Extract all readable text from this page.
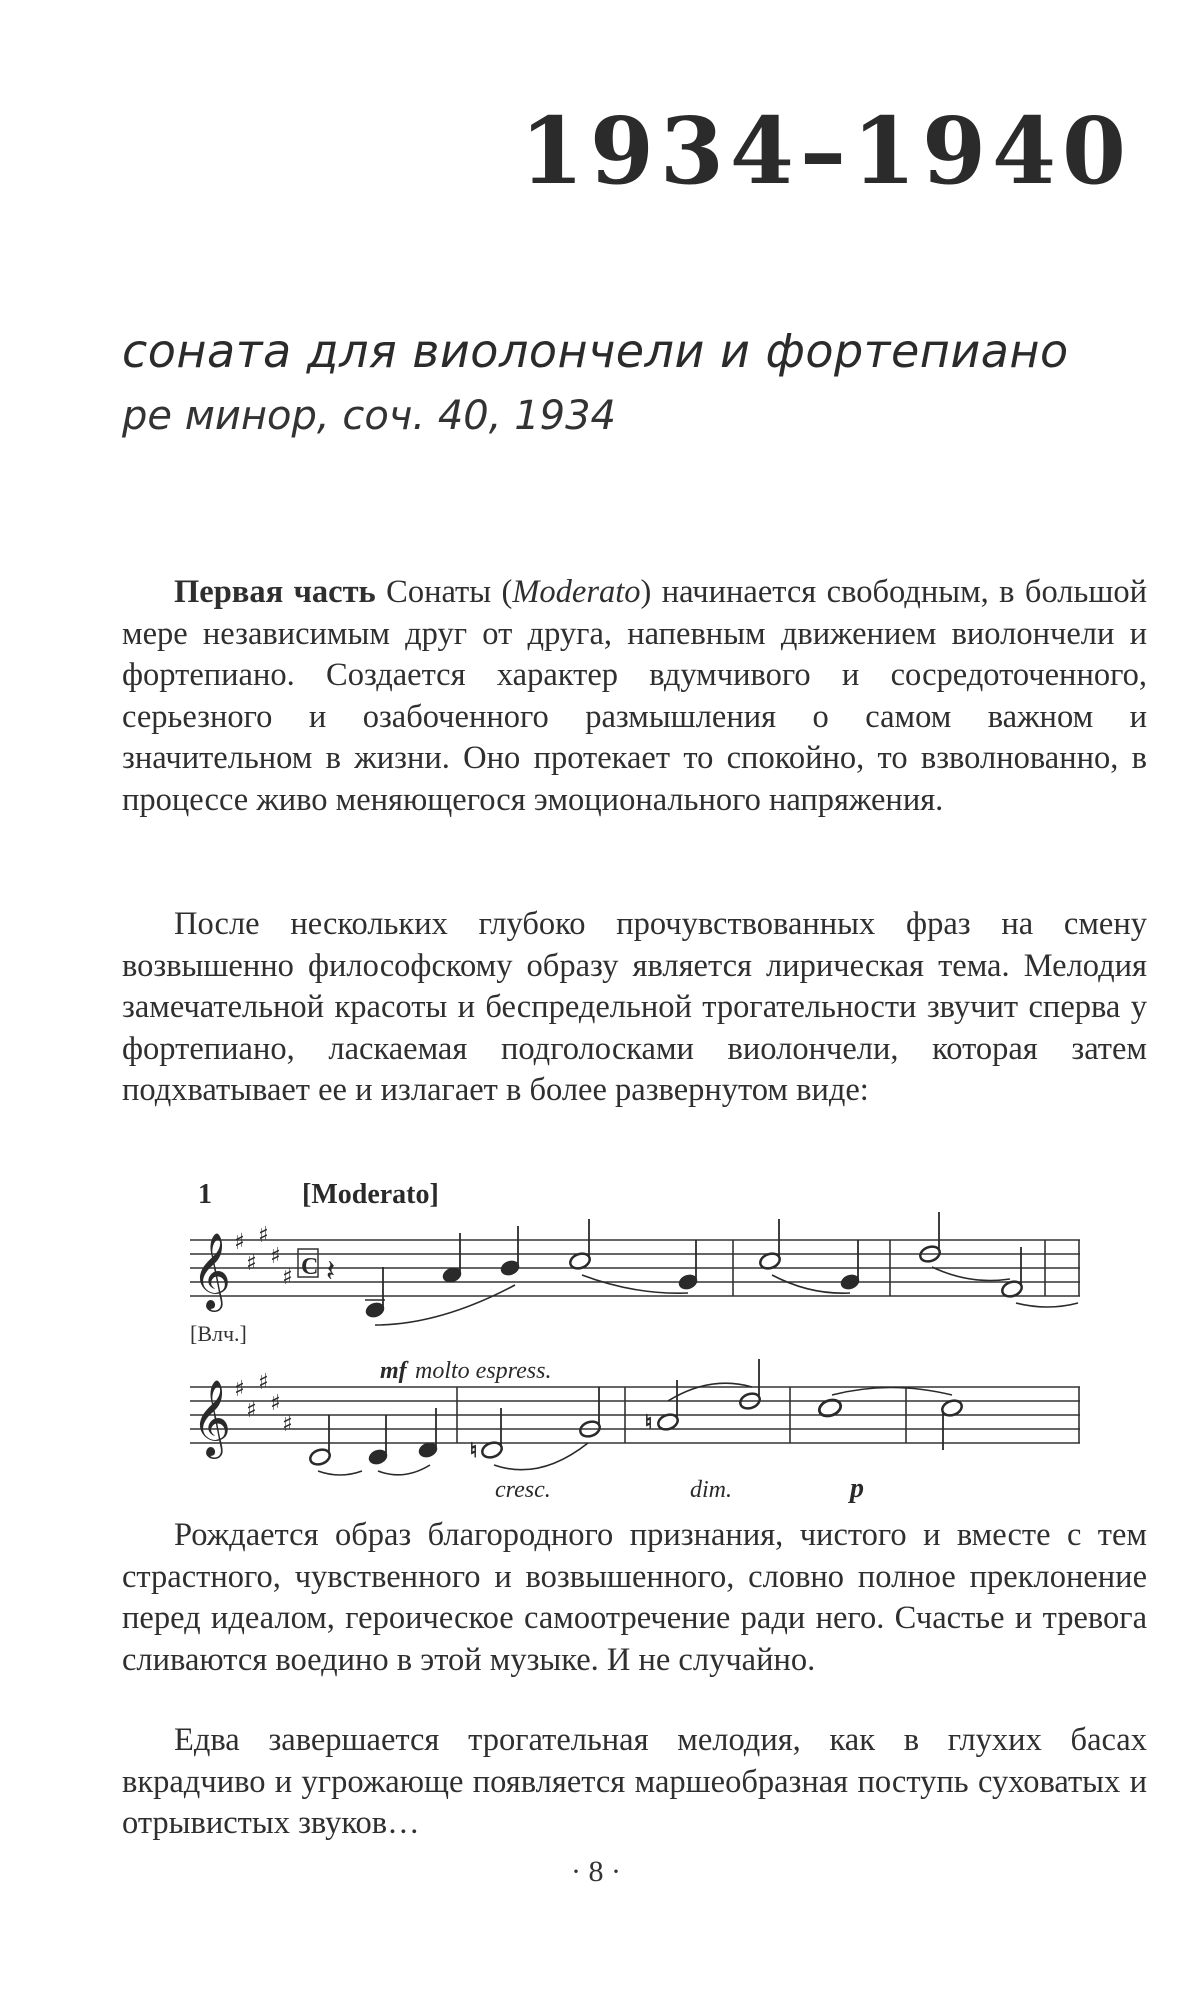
1934–1940
соната для виолончели и фортепиано
ре минор, соч. 40, 1934

Первая часть Сонаты (Moderato) начинается свободным, в большой мере независимым друг от друга, напевным движением виолончели и фортепиано. Создается характер вдумчивого и сосредоточенного, серьезного и озабоченного размышления о самом важном и значительном в жизни. Оно протекает то спокойно, то взволнованно, в процессе живо меняющегося эмоционального напряжения.

После нескольких глубоко прочувствованных фраз на смену возвышенно философскому образу является лирическая тема. Мелодия замечательной красоты и беспредельной трогательности звучит сперва у фортепиано, ласкаемая подголосками виолончели, которая затем подхватывает ее и излагает в более развернутом виде:

1	[Moderato]
𝄞 ♯
♯
♯
♯
♯ C 𝄽
[Влч.]
mf molto espress.
𝄞 ♯
♯
♯
♯
♯
♮
♮
cresc.	dim.	p

Рождается образ благородного признания, чистого и вместе с тем страстного, чувственного и возвышенного, словно полное преклонение перед идеалом, героическое самоотречение ради него. Счастье и тревога сливаются воедино в этой музыке. И не случайно.

Едва завершается трогательная мелодия, как в глухих басах вкрадчиво и угрожающе появляется маршеобразная поступь суховатых и отрывистых звуков…

· 8 ·
